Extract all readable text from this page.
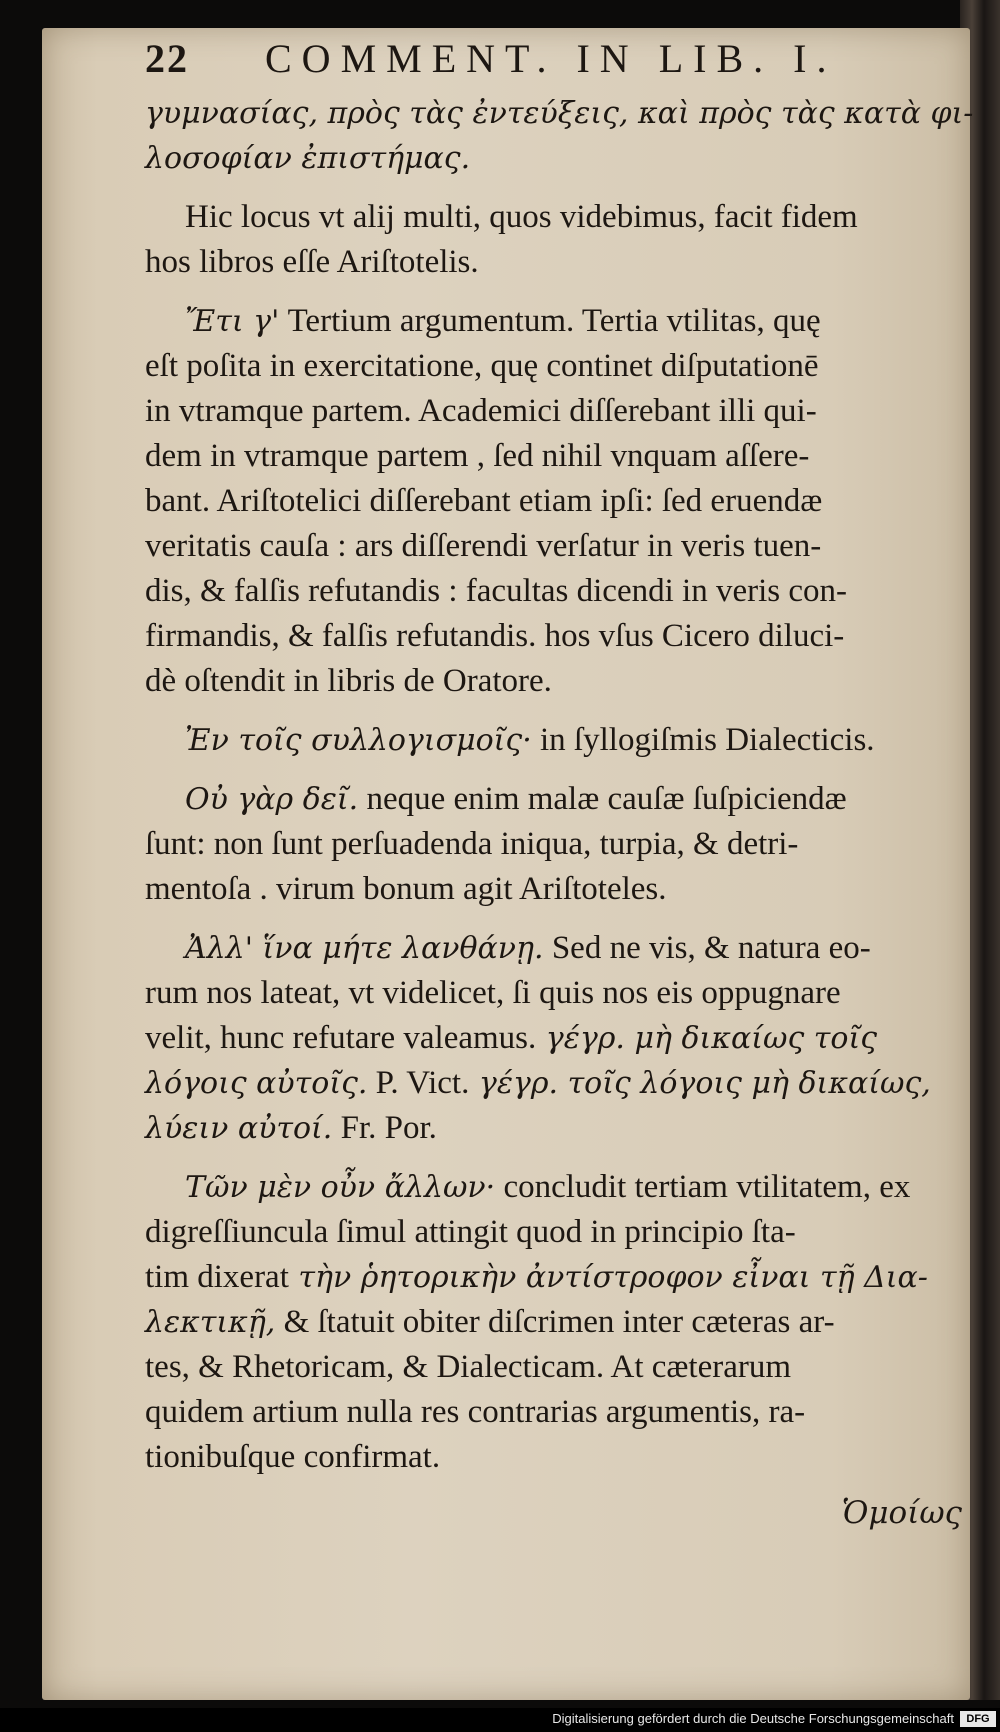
22	COMMENT. IN LIB. I.
γυμνασίας, πρὸς τὰς ἐντεύξεις, καὶ πρὸς τὰς κατὰ φι-
λοσοφίαν ἐπιστήμας.
Hic locus vt alij multi, quos videbimus, facit fidem
hos libros eſſe Ariſtotelis.
Ἔτι γ' Tertium argumentum. Tertia vtilitas, quę
eſt poſita in exercitatione, quę continet diſputationē
in vtramque partem. Academici diſſerebant illi qui-
dem in vtramque partem , ſed nihil vnquam aſſere-
bant. Ariſtotelici diſſerebant etiam ipſi: ſed eruendæ
veritatis cauſa : ars diſſerendi verſatur in veris tuen-
dis, & falſis refutandis : facultas dicendi in veris con-
firmandis, & falſis refutandis. hos vſus Cicero diluci-
dè oſtendit in libris de Oratore.
Ἐν τοῖς συλλογισμοῖς· in ſyllogiſmis Dialecticis.
Οὐ γὰρ δεῖ. neque enim malæ cauſæ ſuſpiciendæ
ſunt: non ſunt perſuadenda iniqua, turpia, & detri-
mentoſa . virum bonum agit Ariſtoteles.
Ἀλλ' ἵνα μήτε λανθάνῃ. Sed ne vis, & natura eo-
rum nos lateat, vt videlicet, ſi quis nos eis oppugnare
velit, hunc refutare valeamus. γέγρ. μὴ δικαίως τοῖς
λόγοις αὐτοῖς. P. Vict. γέγρ. τοῖς λόγοις μὴ δικαίως,
λύειν αὐτοί. Fr. Por.
Τῶν μὲν οὖν ἄλλων· concludit tertiam vtilitatem, ex
digreſſiuncula ſimul attingit quod in principio ſta-
tim dixerat τὴν ῥητορικὴν ἀντίστροφον εἶναι τῇ Δια-
λεκτικῇ, & ſtatuit obiter diſcrimen inter cæteras ar-
tes, & Rhetoricam, & Dialecticam. At cæterarum
quidem artium nulla res contrarias argumentis, ra-
tionibuſque confirmat.
Ὁμοίως
Digitalisierung gefördert durch die Deutsche Forschungsgemeinschaft	DFG
